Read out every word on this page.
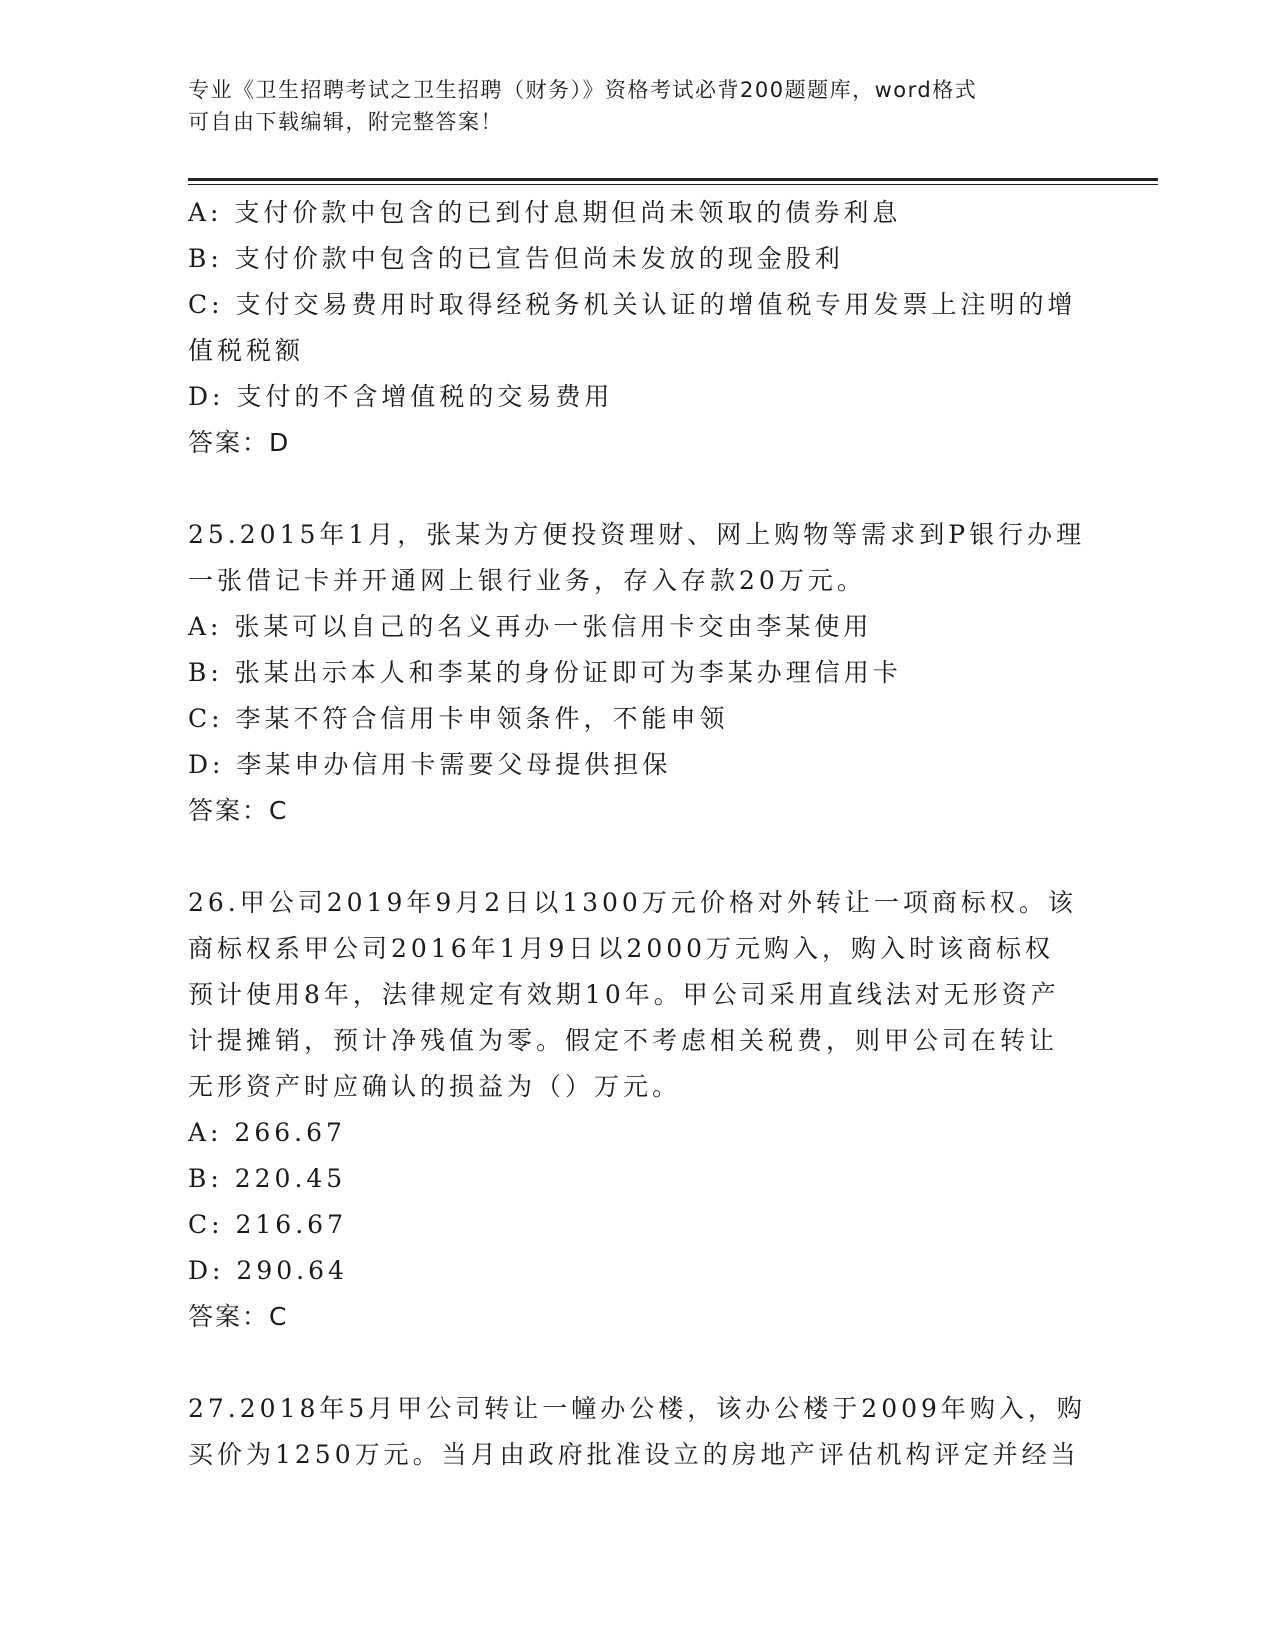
专业《卫生招聘考试之卫生招聘（财务）》资格考试必背200题题库，word格式
可自由下载编辑，附完整答案！
A: 支付价款中包含的已到付息期但尚未领取的债券利息
B: 支付价款中包含的已宣告但尚未发放的现金股利
C: 支付交易费用时取得经税务机关认证的增值税专用发票上注明的增
值税税额
D: 支付的不含增值税的交易费用
答案：D
25.2015年1月，张某为方便投资理财、网上购物等需求到P银行办理
一张借记卡并开通网上银行业务，存入存款20万元。
A: 张某可以自己的名义再办一张信用卡交由李某使用
B: 张某出示本人和李某的身份证即可为李某办理信用卡
C: 李某不符合信用卡申领条件，不能申领
D: 李某申办信用卡需要父母提供担保
答案：C
26.甲公司2019年9月2日以1300万元价格对外转让一项商标权。该
商标权系甲公司2016年1月9日以2000万元购入，购入时该商标权
预计使用8年，法律规定有效期10年。甲公司采用直线法对无形资产
计提摊销，预计净残值为零。假定不考虑相关税费，则甲公司在转让
无形资产时应确认的损益为（）万元。
A: 266.67
B: 220.45
C: 216.67
D: 290.64
答案：C
27.2018年5月甲公司转让一幢办公楼，该办公楼于2009年购入，购
买价为1250万元。当月由政府批准设立的房地产评估机构评定并经当
